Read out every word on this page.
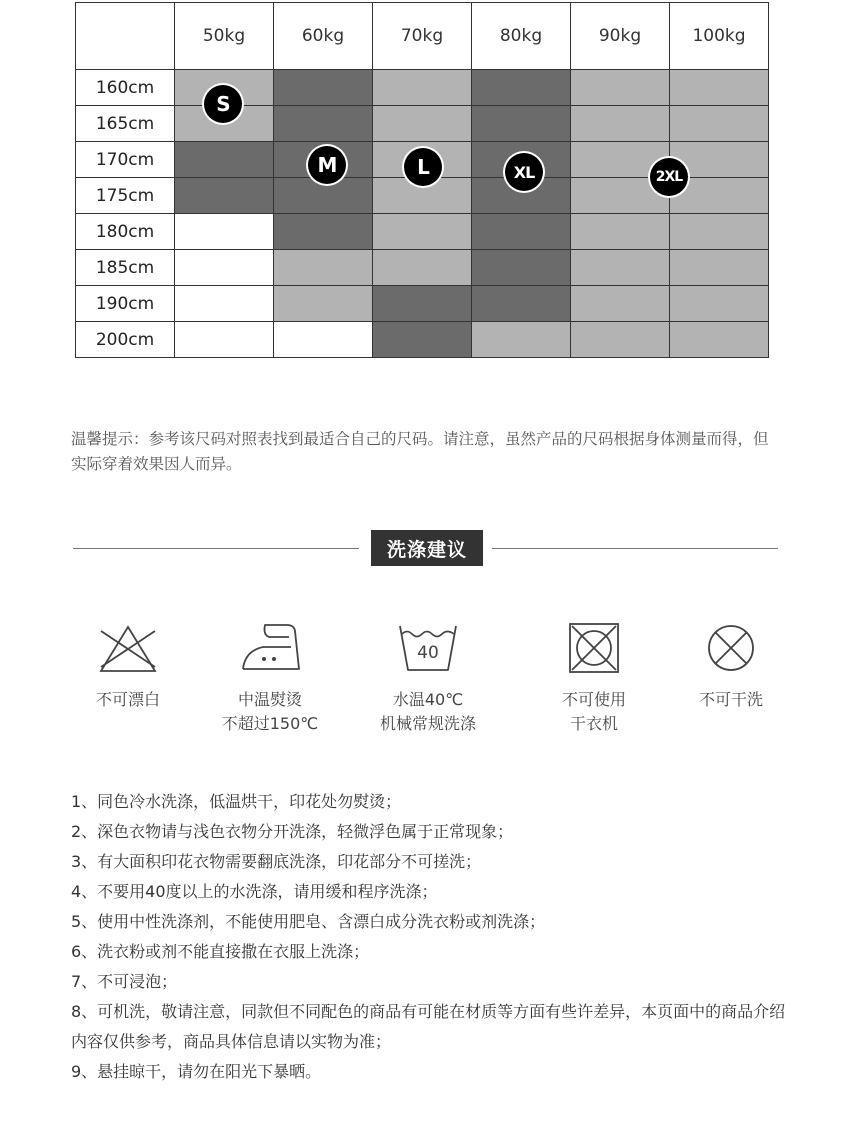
体重
身高	50kg	60kg	70kg	80kg	90kg	100kg
160cm						
165cm						
170cm						
175cm						
180cm						
185cm						
190cm						
200cm						
S
M	L	XL	2XL

温馨提示：参考该尺码对照表找到最适合自己的尺码。请注意，虽然产品的尺码根据身体测量而得，但实际穿着效果因人而异。

洗涤建议
不可漂白	中温熨烫
不超过150℃
40
水温40℃
机械常规洗涤
不可使用
干衣机
不可干洗
1、同色冷水洗涤，低温烘干，印花处勿熨烫；
2、深色衣物请与浅色衣物分开洗涤，轻微浮色属于正常现象；
3、有大面积印花衣物需要翻底洗涤，印花部分不可搓洗；
4、不要用40度以上的水洗涤，请用缓和程序洗涤；
5、使用中性洗涤剂，不能使用肥皂、含漂白成分洗衣粉或剂洗涤；
6、洗衣粉或剂不能直接撒在衣服上洗涤；
7、不可浸泡；
8、可机洗，敬请注意，同款但不同配色的商品有可能在材质等方面有些许差异，本页面中的商品介绍内容仅供参考，商品具体信息请以实物为准；
9、悬挂晾干，请勿在阳光下暴晒。
